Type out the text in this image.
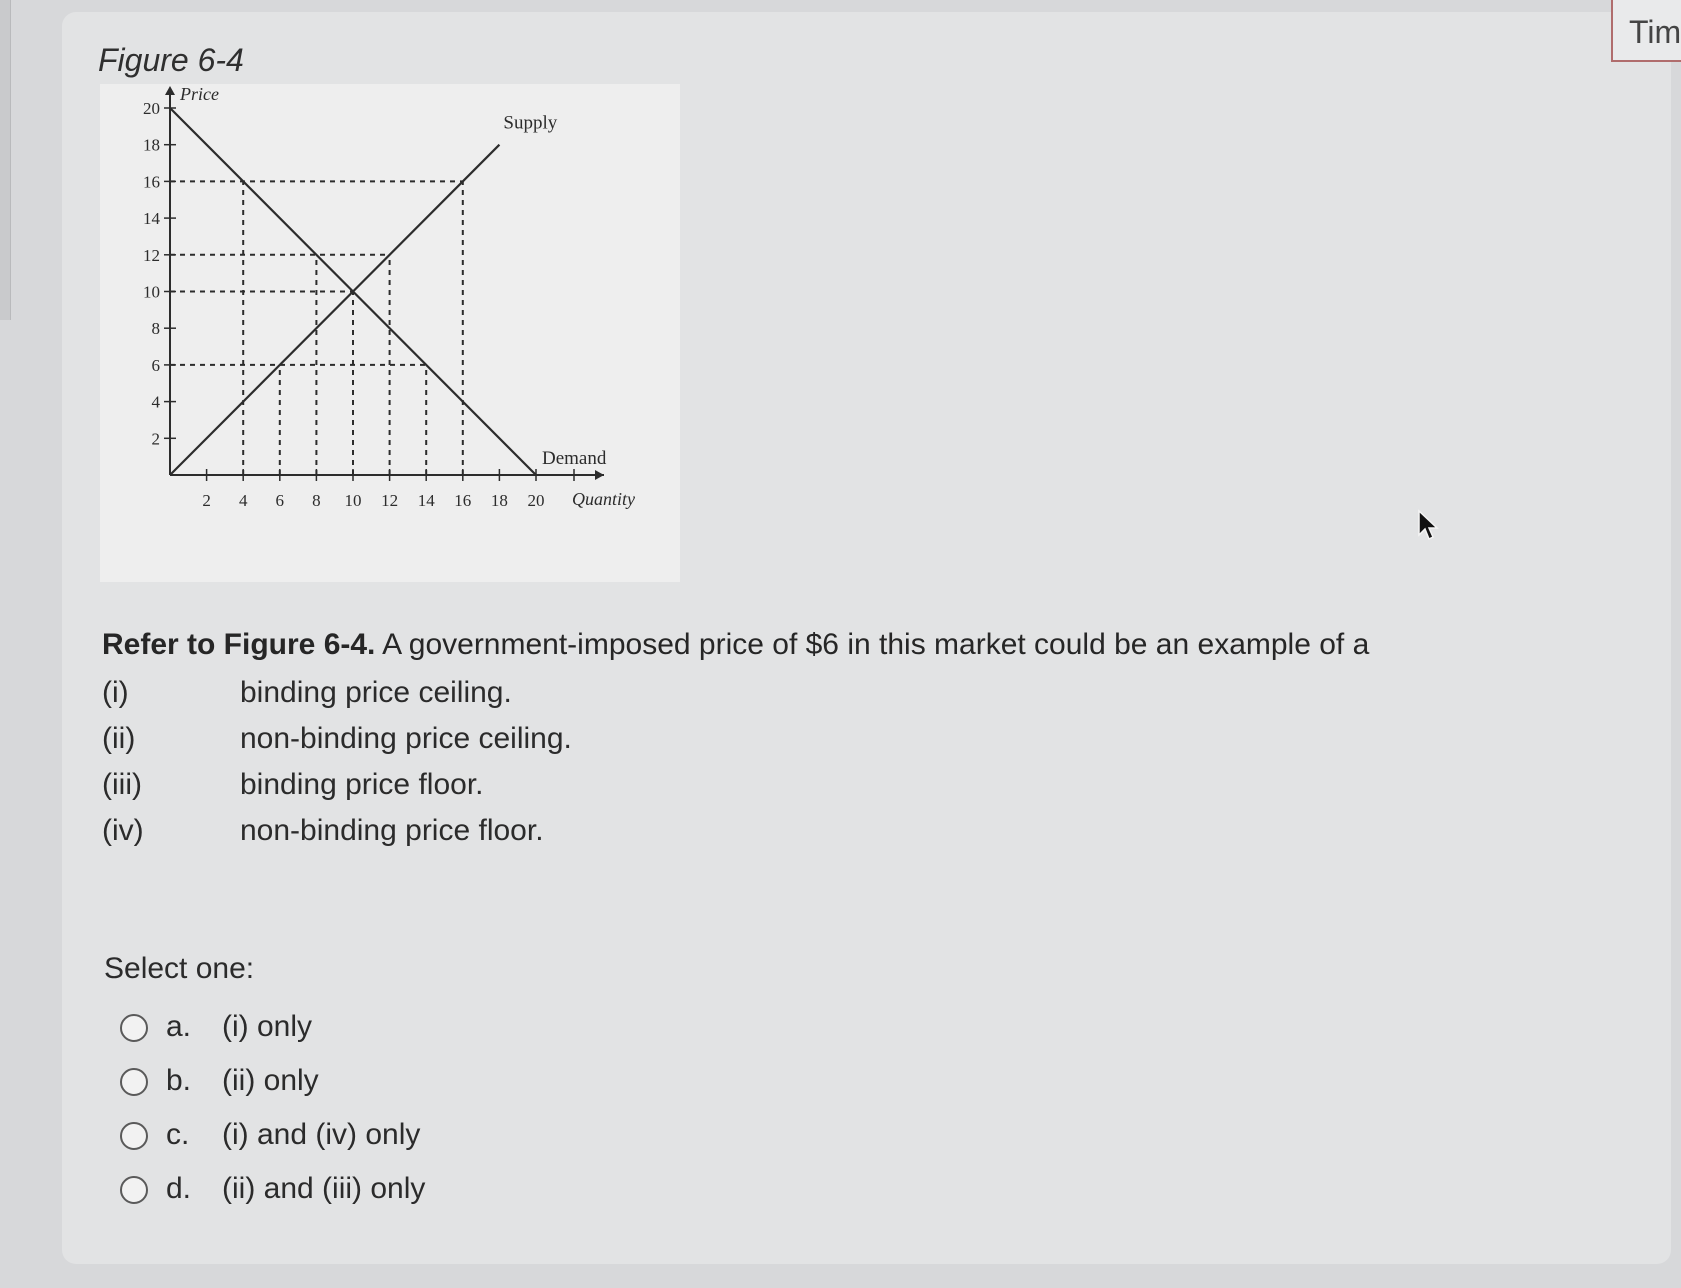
Tim
Figure 6-4
2 4 6 8 10 12 14 16 18 20
2
4
6
8
10
12
14
16
18
20
Supply
Demand
Price
Quantity
Refer to Figure 6-4. A government-imposed price of $6 in this market could be an example of a
(i)	binding price ceiling.
(ii)	non-binding price ceiling.
(iii)	binding price floor.
(iv)	non-binding price floor.
Select one:
a. (i) only
b. (ii) only
c. (i) and (iv) only
d. (ii) and (iii) only
